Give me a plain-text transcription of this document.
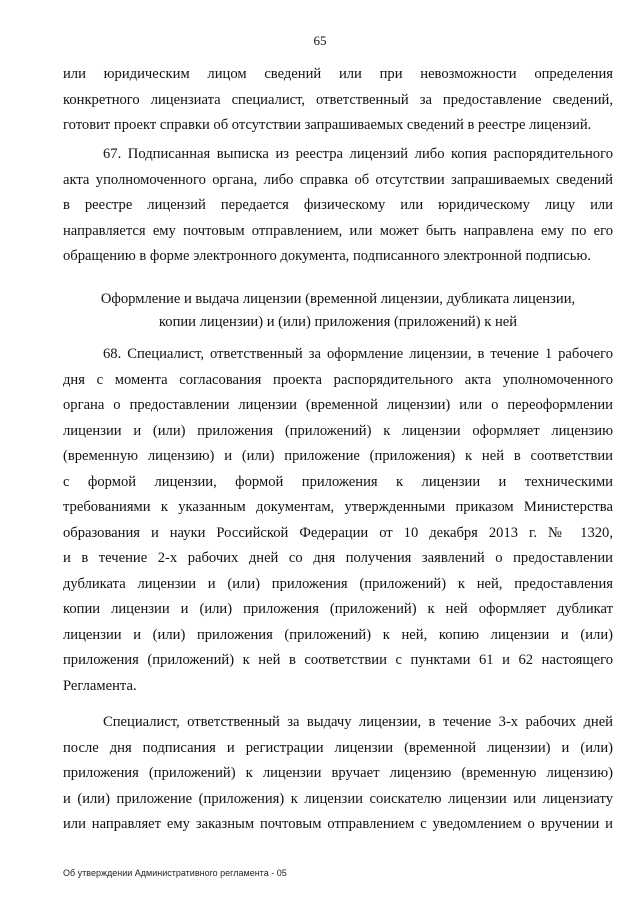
65
или юридическим лицом сведений или при невозможности определения
конкретного лицензиата специалист, ответственный за предоставление сведений,
готовит проект справки об отсутствии запрашиваемых сведений в реестре лицензий.
67. Подписанная выписка из реестра лицензий либо копия распорядительного
акта уполномоченного органа, либо справка об отсутствии запрашиваемых сведений
в реестре лицензий передается физическому или юридическому лицу или
направляется ему почтовым отправлением, или может быть направлена ему по его
обращению в форме электронного документа, подписанного электронной подписью.
Оформление и выдача лицензии (временной лицензии, дубликата лицензии,
копии лицензии) и (или) приложения (приложений) к ней
68. Специалист, ответственный за оформление лицензии, в течение 1 рабочего
дня с момента согласования проекта распорядительного акта уполномоченного
органа о предоставлении лицензии (временной лицензии) или о переоформлении
лицензии и (или) приложения (приложений) к лицензии оформляет лицензию
(временную лицензию) и (или) приложение (приложения) к ней в соответствии
с формой лицензии, формой приложения к лицензии и техническими
требованиями к указанным документам, утвержденными приказом Министерства
образования и науки Российской Федерации от 10 декабря 2013 г. № 1320,
и в течение 2-х рабочих дней со дня получения заявлений о предоставлении
дубликата лицензии и (или) приложения (приложений) к ней, предоставления
копии лицензии и (или) приложения (приложений) к ней оформляет дубликат
лицензии и (или) приложения (приложений) к ней, копию лицензии и (или)
приложения (приложений) к ней в соответствии с пунктами 61 и 62 настоящего
Регламента.
Специалист, ответственный за выдачу лицензии, в течение 3-х рабочих дней
после дня подписания и регистрации лицензии (временной лицензии) и (или)
приложения (приложений) к лицензии вручает лицензию (временную лицензию)
и (или) приложение (приложения) к лицензии соискателю лицензии или лицензиату
или направляет ему заказным почтовым отправлением с уведомлением о вручении и
Об утверждении Административного регламента - 05
